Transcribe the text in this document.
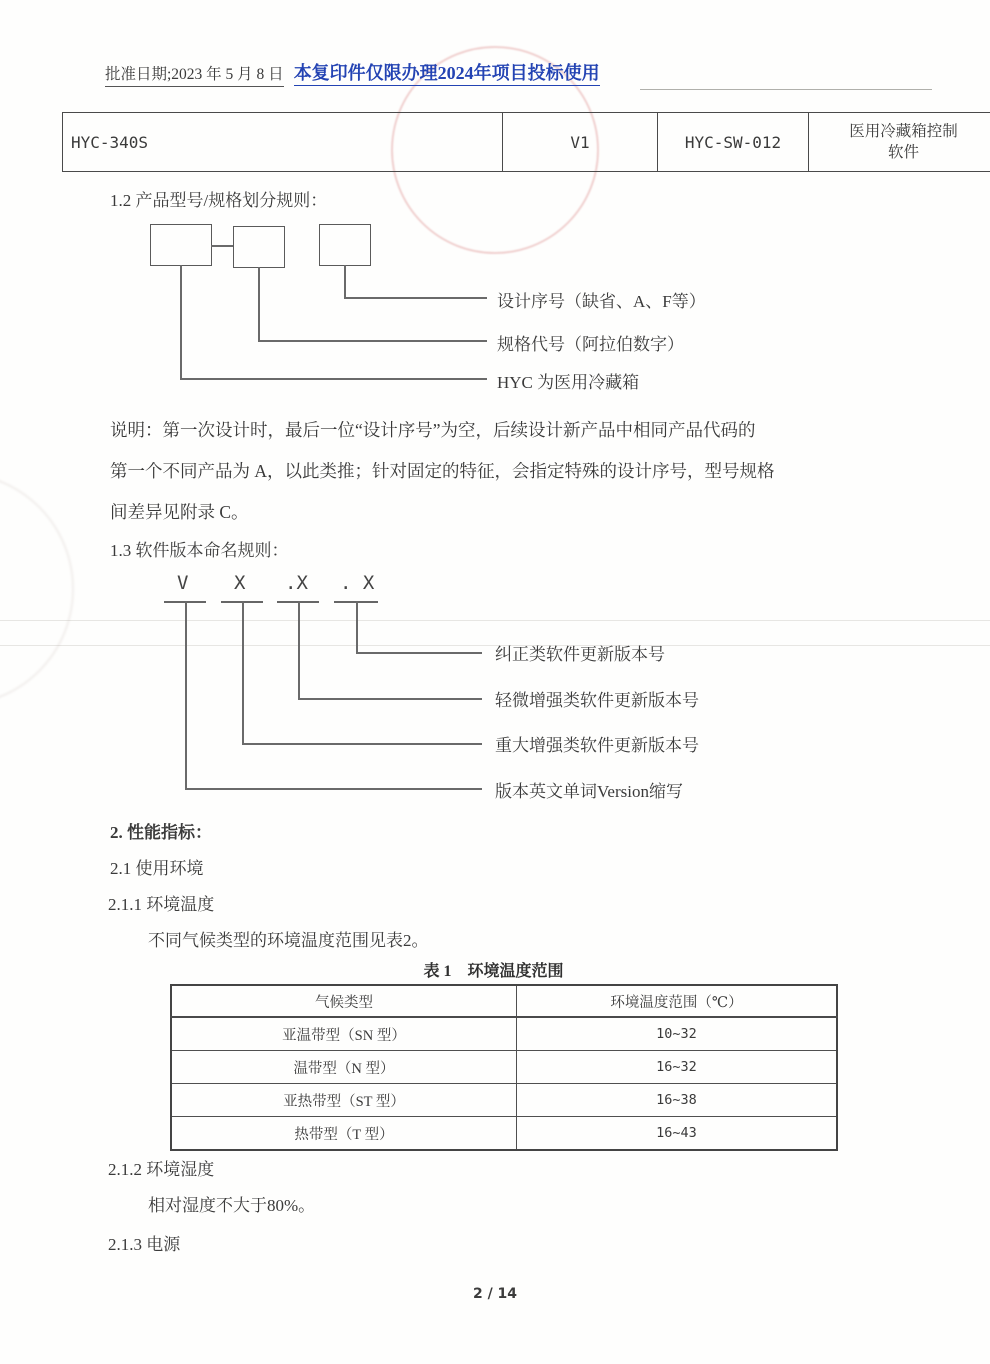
批准日期;2023 年 5 月 8 日 本复印件仅限办理2024年项目投标使用
HYC-340S	V1	HYC-SW-012	
医用冷藏箱控制
软件
1.2 产品型号/规格划分规则：
设计序号（缺省、A、F等）
规格代号（阿拉伯数字）
HYC 为医用冷藏箱
说明：第一次设计时，最后一位“设计序号”为空，后续设计新产品中相同产品代码的
第一个不同产品为 A，以此类推；针对固定的特征，会指定特殊的设计序号，型号规格
间差异见附录 C。
1.3 软件版本命名规则：
V X .X . X
纠正类软件更新版本号
轻微增强类软件更新版本号
重大增强类软件更新版本号
版本英文单词Version缩写
2. 性能指标：
2.1 使用环境
2.1.1 环境温度
不同气候类型的环境温度范围见表2。
表 1　环境温度范围
气候类型	环境温度范围（℃）
亚温带型（SN 型）	10~32
温带型（N 型）	16~32
亚热带型（ST 型）	16~38
热带型（T 型）	16~43
2.1.2 环境湿度
相对湿度不大于80%。
2.1.3 电源
2 / 14
